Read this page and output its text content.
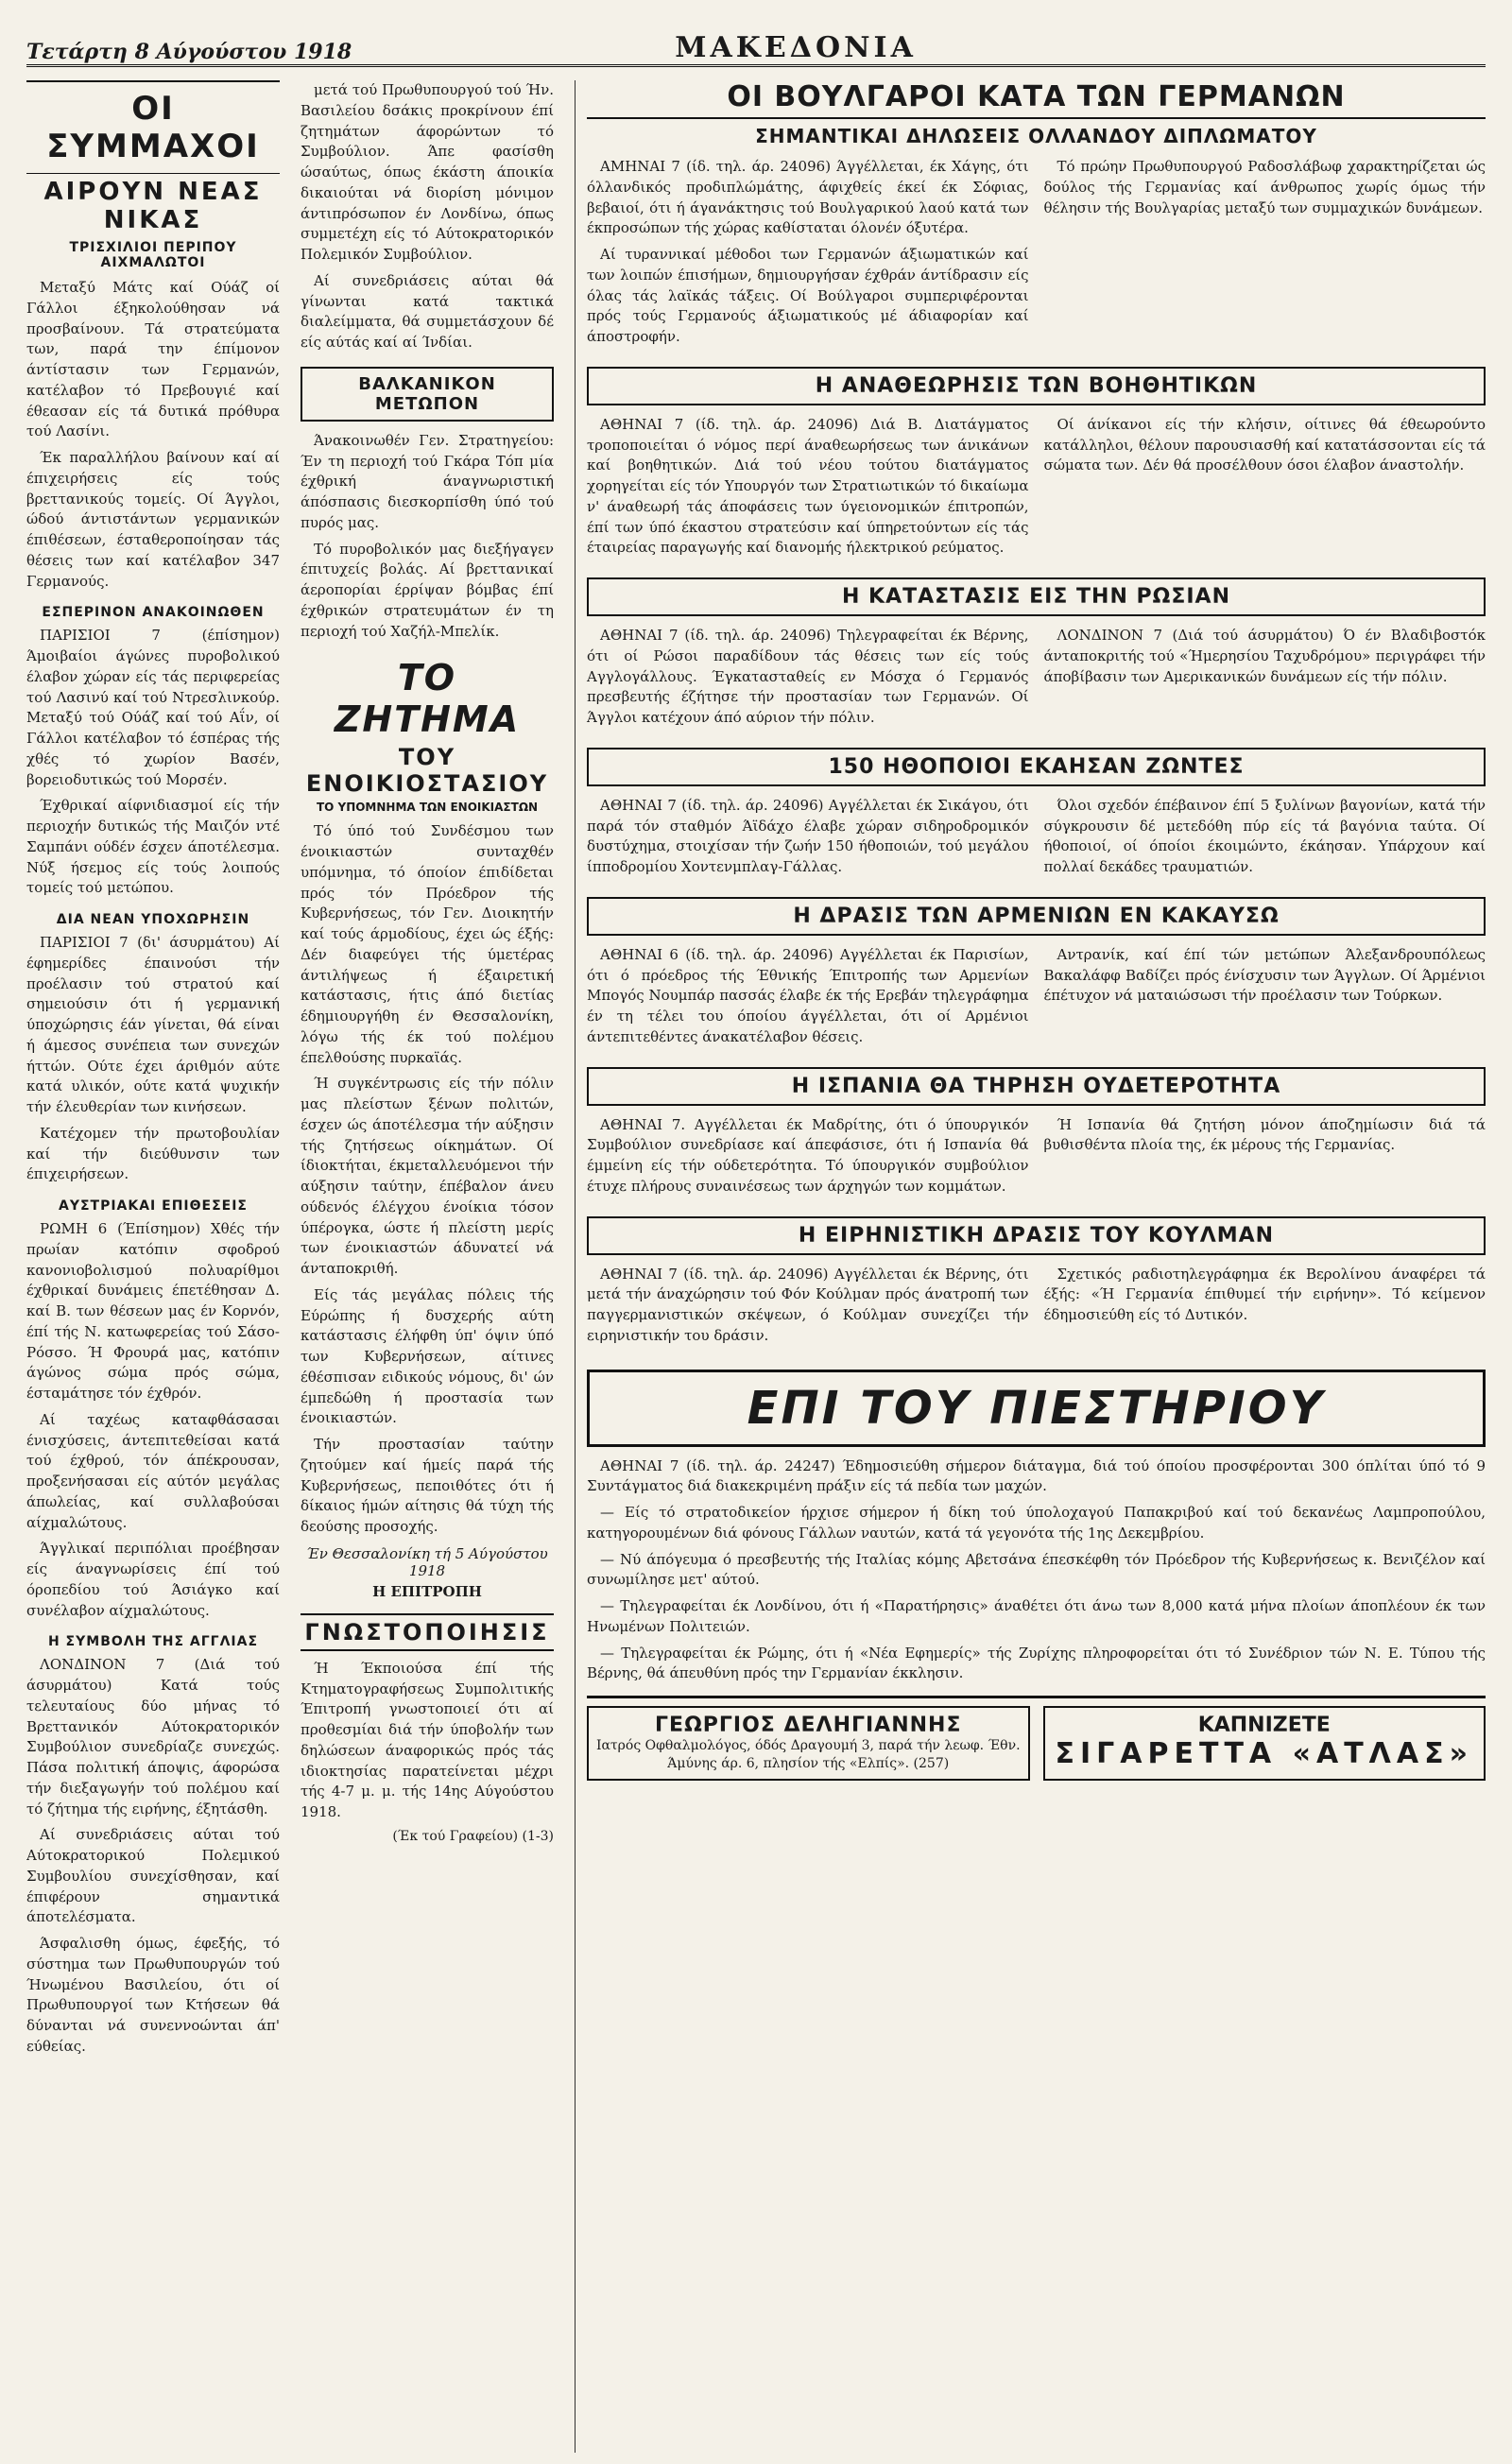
Τετάρτη 8 Αύγούστου 1918	ΜΑΚΕΔΟΝΙΑ
ΟΙ ΣΥΜΜΑΧΟΙ
ΑΙΡΟΥΝ ΝΕΑΣ ΝΙΚΑΣ
ΤΡΙΣΧΙΛΙΟΙ ΠΕΡΙΠΟΥ ΑΙΧΜΑΛΩΤΟΙ

Μεταξύ Μάτς καί Ούάζ οί Γάλλοι έξηκολούθησαν νά προσβαίνουν. Τά στρατεύματα των, παρά την έπίμονον άντίστασιν των Γερμανών, κατέλαβον τό Πρεβουγιέ καί έθεασαν είς τά δυτικά πρόθυρα τού Λασίνι.

Έκ παραλλήλου βαίνουν καί αί έπιχειρήσεις είς τούς βρεττανικούς τομείς. Οί Άγγλοι, ώδού άντιστάντων γερμανικών έπιθέσεων, έσταθεροποίησαν τάς θέσεις των καί κατέλαβον 347 Γερμανούς.

ΕΣΠΕΡΙΝΟΝ ΑΝΑΚΟΙΝΩΘΕΝ

ΠΑΡΙΣΙΟΙ 7 (έπίσημον) Άμοιβαίοι άγώνες πυροβολικού έλαβον χώραν είς τάς περιφερείας τού Λασινύ καί τού Ντρεσλινκούρ. Μεταξύ τού Ούάζ καί τού Αΐν, οί Γάλλοι κατέλαβον τό έσπέρας τής χθές τό χωρίον Βασέν, βορειοδυτικώς τού Μορσέν.

Έχθρικαί αίφνιδιασμοί είς τήν περιοχήν δυτικώς τής Μαιζόν ντέ Σαμπάνι ούδέν έσχεν άποτέλεσμα. Νύξ ήσεμος είς τούς λοιπούς τομείς τού μετώπου.

ΔΙΑ ΝΕΑΝ ΥΠΟΧΩΡΗΣΙΝ

ΠΑΡΙΣΙΟΙ 7 (δι' άσυρμάτου) Αί έφημερίδες έπαινούσι τήν προέλασιν τού στρατού καί σημειούσιν ότι ή γερμανική ύποχώρησις έάν γίνεται, θά είναι ή άμεσος συνέπεια των συνεχών ήττών. Ούτε έχει άριθμόν αύτε κατά υλικόν, ούτε κατά ψυχικήν τήν έλευθερίαν των κινήσεων.

Κατέχομεν τήν πρωτοβουλίαν καί τήν διεύθυνσιν των έπιχειρήσεων.

ΑΥΣΤΡΙΑΚΑΙ ΕΠΙΘΕΣΕΙΣ

ΡΩΜΗ 6 (Έπίσημον) Χθές τήν πρωίαν κατόπιν σφοδρού κανονιοβολισμού πολυαρίθμοι έχθρικαί δυνάμεις έπετέθησαν Δ. καί Β. των θέσεων μας έν Κορνόν, έπί τής Ν. κατωφερείας τού Σάσο-Ρόσσο. Ή Φρουρά μας, κατόπιν άγώνος σώμα πρός σώμα, έσταμάτησε τόν έχθρόν.

Αί ταχέως καταφθάσασαι ένισχύσεις, άντεπιτεθείσαι κατά τού έχθρού, τόν άπέκρουσαν, προξενήσασαι είς αύτόν μεγάλας άπωλείας, καί συλλαβούσαι αίχμαλώτους.

Άγγλικαί περιπόλιαι προέβησαν είς άναγνωρίσεις έπί τού όροπεδίου τού Άσιάγκο καί συνέλαβον αίχμαλώτους.

Η ΣΥΜΒΟΛΗ ΤΗΣ ΑΓΓΛΙΑΣ

ΛΟΝΔΙΝΟΝ 7 (Διά τού άσυρμάτου) Κατά τούς τελευταίους δύο μήνας τό Βρεττανικόν Αύτοκρατορικόν Συμβούλιον συνεδρίαζε συνεχώς. Πάσα πολιτική άποψις, άφορώσα τήν διεξαγωγήν τού πολέμου καί τό ζήτημα τής ειρήνης, έξητάσθη.

Αί συνεδριάσεις αύται τού Αύτοκρατορικού Πολεμικού Συμβουλίου συνεχίσθησαν, καί έπιφέρουν σημαντικά άποτελέσματα.

Άσφαλισθη όμως, έφεξής, τό σύστημα των Πρωθυπουργών τού Ήνωμένου Βασιλείου, ότι οί Πρωθυπουργοί των Κτήσεων θά δύνανται νά συνεννοώνται άπ' εύθείας.

μετά τού Πρωθυπουργού τού Ήν. Βασιλείου δσάκις προκρίνουν έπί ζητημάτων άφορώντων τό Συμβούλιον. Άπε φασίσθη ώσαύτως, όπως έκάστη άποικία δικαιούται νά διορίση μόνιμον άντιπρόσωπον έν Λονδίνω, όπως συμμετέχη είς τό Αύτοκρατορικόν Πολεμικόν Συμβούλιον.

Αί συνεδριάσεις αύται θά γίνωνται κατά τακτικά διαλείμματα, θά συμμετάσχουν δέ είς αύτάς καί αί Ίνδίαι.

ΒΑΛΚΑΝΙΚΟΝ ΜΕΤΩΠΟΝ

Άνακοινωθέν Γεν. Στρατηγείου: Έν τη περιοχή τού Γκάρα Τόπ μία έχθρική άναγνωριστική άπόσπασις διεσκορπίσθη ύπό τού πυρός μας.

Τό πυροβολικόν μας διεξήγαγεν έπιτυχείς βολάς. Αί βρεττανικαί άεροπορίαι έρρίψαν βόμβας έπί έχθρικών στρατευμάτων έν τη περιοχή τού Χαζήλ-Μπελίκ.

ΤΟ ΖΗΤΗΜΑ
ΤΟΥ ΕΝΟΙΚΙΟΣΤΑΣΙΟΥ
ΤΟ ΥΠΟΜΝΗΜΑ ΤΩΝ ΕΝΟΙΚΙΑΣΤΩΝ

Τό ύπό τού Συνδέσμου των ένοικιαστών συνταχθέν υπόμνημα, τό όποίον έπιδίδεται πρός τόν Πρόεδρον τής Κυβερνήσεως, τόν Γεν. Διοικητήν καί τούς άρμοδίους, έχει ώς έξής: Δέν διαφεύγει τής ύμετέρας άντιλήψεως ή έξαιρετική κατάστασις, ήτις άπό διετίας έδημιουργήθη έν Θεσσαλονίκη, λόγω τής έκ τού πολέμου έπελθούσης πυρκαϊάς.

Ή συγκέντρωσις είς τήν πόλιν μας πλείστων ξένων πολιτών, έσχεν ώς άποτέλεσμα τήν αύξησιν τής ζητήσεως οίκημάτων. Οί ίδιοκτήται, έκμεταλλευόμενοι τήν αύξησιν ταύτην, έπέβαλον άνευ ούδενός έλέγχου ένοίκια τόσον ύπέρογκα, ώστε ή πλείστη μερίς των ένοικιαστών άδυνατεί νά άνταποκριθή.

Είς τάς μεγάλας πόλεις τής Εύρώπης ή δυσχερής αύτη κατάστασις έλήφθη ύπ' όψιν ύπό των Κυβερνήσεων, αίτινες έθέσπισαν ειδικούς νόμους, δι' ών έμπεδώθη ή προστασία των ένοικιαστών.

Τήν προστασίαν ταύτην ζητούμεν καί ήμείς παρά τής Κυβερνήσεως, πεποιθότες ότι ή δίκαιος ήμών αίτησις θά τύχη τής δεούσης προσοχής.

Έν Θεσσαλονίκη τή 5 Αύγούστου 1918
Η ΕΠΙΤΡΟΠΗ
ΓΝΩΣΤΟΠΟΙΗΣΙΣ

Ή Έκποιούσα έπί τής Κτηματογραφήσεως Συμπολιτικής Έπιτροπή γνωστοποιεί ότι αί προθεσμίαι διά τήν ύποβολήν των δηλώσεων άναφορικώς πρός τάς ιδιοκτησίας παρατείνεται μέχρι τής 4-7 μ. μ. τής 14ης Αύγούστου 1918.

(Έκ τού Γραφείου) (1-3)
ΟΙ ΒΟΥΛΓΑΡΟΙ ΚΑΤΑ ΤΩΝ ΓΕΡΜΑΝΩΝ
ΣΗΜΑΝΤΙΚΑΙ ΔΗΛΩΣΕΙΣ ΟΛΛΑΝΔΟΥ ΔΙΠΛΩΜΑΤΟΥ

ΑΜΗΝΑΙ 7 (ίδ. τηλ. άρ. 24096) Άγγέλλεται, έκ Χάγης, ότι όλλανδικός προδιπλώμάτης, άφιχθείς έκεί έκ Σόφιας, βεβαιοί, ότι ή άγανάκτησις τού Βουλγαρικού λαού κατά των έκπροσώπων τής χώρας καθίσταται όλονέν όξυτέρα.

Αί τυραννικαί μέθοδοι των Γερμανών άξιωματικών καί των λοιπών έπισήμων, δημιουργήσαν έχθράν άντίδρασιν είς όλας τάς λαϊκάς τάξεις. Οί Βούλγαροι συμπεριφέρονται πρός τούς Γερμανούς άξιωματικούς μέ άδιαφορίαν καί άποστροφήν.

Τό πρώην Πρωθυπουργού Ραδοσλάβωφ χαρακτηρίζεται ώς δούλος τής Γερμανίας καί άνθρωπος χωρίς όμως τήν θέλησιν τής Βουλγαρίας μεταξύ των συμμαχικών δυνάμεων.

Η ΑΝΑΘΕΩΡΗΣΙΣ ΤΩΝ ΒΟΗΘΗΤΙΚΩΝ

ΑΘΗΝΑΙ 7 (ίδ. τηλ. άρ. 24096) Διά Β. Διατάγματος τροποποιείται ό νόμος περί άναθεωρήσεως των άνικάνων καί βοηθητικών. Διά τού νέου τούτου διατάγματος χορηγείται είς τόν Υπουργόν των Στρατιωτικών τό δικαίωμα ν' άναθεωρή τάς άποφάσεις των ύγειονομικών έπιτροπών, έπί των ύπό έκαστου στρατεύσιν καί ύπηρετούντων είς τάς έταιρείας παραγωγής καί διανομής ήλεκτρικού ρεύματος.

Οί άνίκανοι είς τήν κλήσιν, οίτινες θά έθεωρούντο κατάλληλοι, θέλουν παρουσιασθή καί κατατάσσονται είς τά σώματα των. Δέν θά προσέλθουν όσοι έλαβον άναστολήν.

Η ΚΑΤΑΣΤΑΣΙΣ ΕΙΣ ΤΗΝ ΡΩΣΙΑΝ

ΑΘΗΝΑΙ 7 (ίδ. τηλ. άρ. 24096) Τηλεγραφείται έκ Βέρνης, ότι οί Ρώσοι παραδίδουν τάς θέσεις των είς τούς Αγγλογάλλους. Έγκατασταθείς εν Μόσχα ό Γερμανός πρεσβευτής έζήτησε τήν προστασίαν των Γερμανών. Οί Άγγλοι κατέχουν άπό αύριον τήν πόλιν.

ΛΟΝΔΙΝΟΝ 7 (Διά τού άσυρμάτου) Ό έν Βλαδιβοστόκ άνταποκριτής τού «Ήμερησίου Ταχυδρόμου» περιγράφει τήν άποβίβασιν των Αμερικανικών δυνάμεων είς τήν πόλιν.

150 ΗΘΟΠΟΙΟΙ ΕΚΑΗΣΑΝ ΖΩΝΤΕΣ

ΑΘΗΝΑΙ 7 (ίδ. τηλ. άρ. 24096) Αγγέλλεται έκ Σικάγου, ότι παρά τόν σταθμόν Άϊδάχο έλαβε χώραν σιδηροδρομικόν δυστύχημα, στοιχίσαν τήν ζωήν 150 ήθοποιών, τού μεγάλου ίπποδρομίου Χοντενμπλαγ-Γάλλας.

Όλοι σχεδόν έπέβαινον έπί 5 ξυλίνων βαγονίων, κατά τήν σύγκρουσιν δέ μετεδόθη πύρ είς τά βαγόνια ταύτα. Οί ήθοποιοί, οί όποίοι έκοιμώντο, έκάησαν. Υπάρχουν καί πολλαί δεκάδες τραυματιών.

Η ΔΡΑΣΙΣ ΤΩΝ ΑΡΜΕΝΙΩΝ ΕΝ ΚΑΚΑΥΣΩ

ΑΘΗΝΑΙ 6 (ίδ. τηλ. άρ. 24096) Αγγέλλεται έκ Παρισίων, ότι ό πρόεδρος τής Έθνικής Έπιτροπής των Αρμενίων Μπογός Νουμπάρ πασσάς έλαβε έκ τής Ερεβάν τηλεγράφημα έν τη τέλει του όποίου άγγέλλεται, ότι οί Αρμένιοι άντεπιτεθέντες άνακατέλαβον θέσεις.

Αντρανίκ, καί έπί τών μετώπων Άλεξανδρουπόλεως Βακαλάφφ Βαδίζει πρός ένίσχυσιν των Άγγλων. Οί Άρμένιοι έπέτυχον νά ματαιώσωσι τήν προέλασιν των Τούρκων.

Η ΙΣΠΑΝΙΑ ΘΑ ΤΗΡΗΣΗ ΟΥΔΕΤΕΡΟΤΗΤΑ

ΑΘΗΝΑΙ 7. Αγγέλλεται έκ Μαδρίτης, ότι ό ύπουργικόν Συμβούλιον συνεδρίασε καί άπεφάσισε, ότι ή Ισπανία θά έμμείνη είς τήν ούδετερότητα. Τό ύπουργικόν συμβούλιον έτυχε πλήρους συναινέσεως των άρχηγών των κομμάτων.

Ή Ισπανία θά ζητήση μόνον άποζημίωσιν διά τά βυθισθέντα πλοία της, έκ μέρους τής Γερμανίας.

Η ΕΙΡΗΝΙΣΤΙΚΗ ΔΡΑΣΙΣ ΤΟΥ ΚΟΥΛΜΑΝ

ΑΘΗΝΑΙ 7 (ίδ. τηλ. άρ. 24096) Αγγέλλεται έκ Βέρνης, ότι μετά τήν άναχώρησιν τού Φόν Κούλμαν πρός άνατροπή των παγγερμανιστικών σκέψεων, ό Κούλμαν συνεχίζει τήν ειρηνιστικήν του δράσιν.

Σχετικός ραδιοτηλεγράφημα έκ Βερολίνου άναφέρει τά έξής: «Ή Γερμανία έπιθυμεί τήν ειρήνην». Τό κείμενον έδημοσιεύθη είς τό Δυτικόν.

ΕΠΙ ΤΟΥ ΠΙΕΣΤΗΡΙΟΥ

ΑΘΗΝΑΙ 7 (ίδ. τηλ. άρ. 24247) Έδημοσιεύθη σήμερον διάταγμα, διά τού όποίου προσφέρονται 300 όπλίται ύπό τό 9 Συντάγματος διά διακεκριμένη πράξιν είς τά πεδία των μαχών.

— Είς τό στρατοδικείον ήρχισε σήμερον ή δίκη τού ύπολοχαγού Παπακριβού καί τού δεκανέως Λαμπροπούλου, κατηγορουμένων διά φόνους Γάλλων ναυτών, κατά τά γεγονότα τής 1ης Δεκεμβρίου.

— Νύ άπόγευμα ό πρεσβευτής τής Ιταλίας κόμης Αβετσάνα έπεσκέφθη τόν Πρόεδρον τής Κυβερνήσεως κ. Βενιζέλον καί συνωμίλησε μετ' αύτού.

— Τηλεγραφείται έκ Λονδίνου, ότι ή «Παρατήρησις» άναθέτει ότι άνω των 8,000 κατά μήνα πλοίων άποπλέουν έκ των Ηνωμένων Πολιτειών.

— Τηλεγραφείται έκ Ρώμης, ότι ή «Νέα Εφημερίς» τής Ζυρίχης πληροφορείται ότι τό Συνέδριον τών Ν. Ε. Τύπου τής Βέρνης, θά άπευθύνη πρός την Γερμανίαν έκκλησιν.

ΓΕΩΡΓΙΟΣ ΔΕΛΗΓΙΑΝΝΗΣ
Ιατρός Οφθαλμολόγος, όδός Δραγουμή 3, παρά τήν λεωφ. Έθν. Άμύνης άρ. 6, πλησίον τής «Ελπίς». (257)
ΚΑΠΝΙΖΕΤΕ
ΣΙΓΑΡΕΤΤΑ «ΑΤΛΑΣ»
